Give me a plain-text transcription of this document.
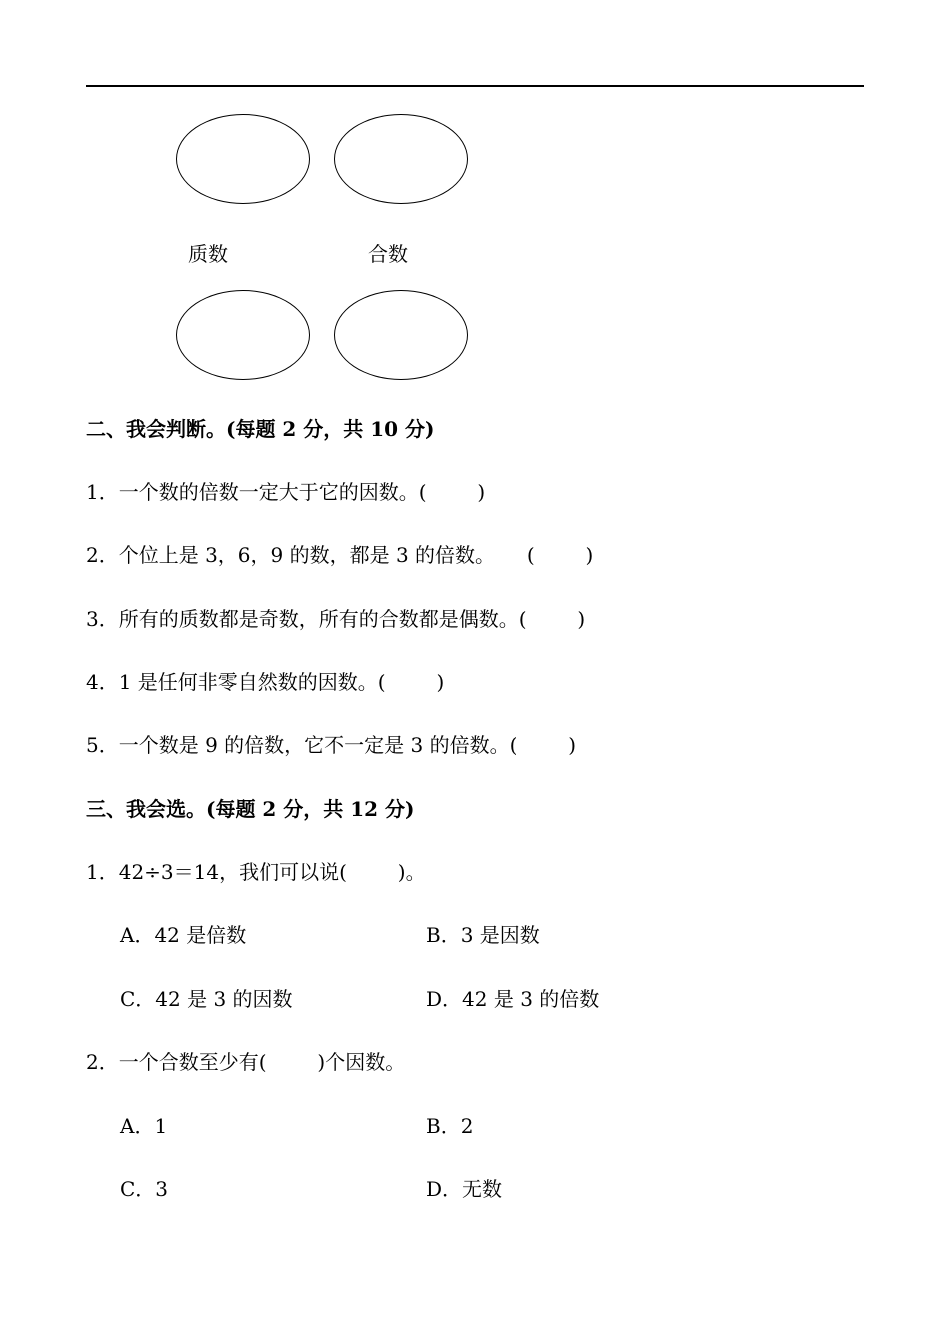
质数	合数
二、我会判断。(每题 2 分，共 10 分)
1．一个数的倍数一定大于它的因数。(        )
2．个位上是 3，6，9 的数，都是 3 的倍数。     (        )
3．所有的质数都是奇数，所有的合数都是偶数。(        )
4．1 是任何非零自然数的因数。(        )
5．一个数是 9 的倍数，它不一定是 3 的倍数。(        )
三、我会选。(每题 2 分，共 12 分)
1．42÷3＝14，我们可以说(        )。
A．42 是倍数	B．3 是因数
C．42 是 3 的因数	D．42 是 3 的倍数
2．一个合数至少有(        )个因数。
A．1	B．2
C．3	D．无数
